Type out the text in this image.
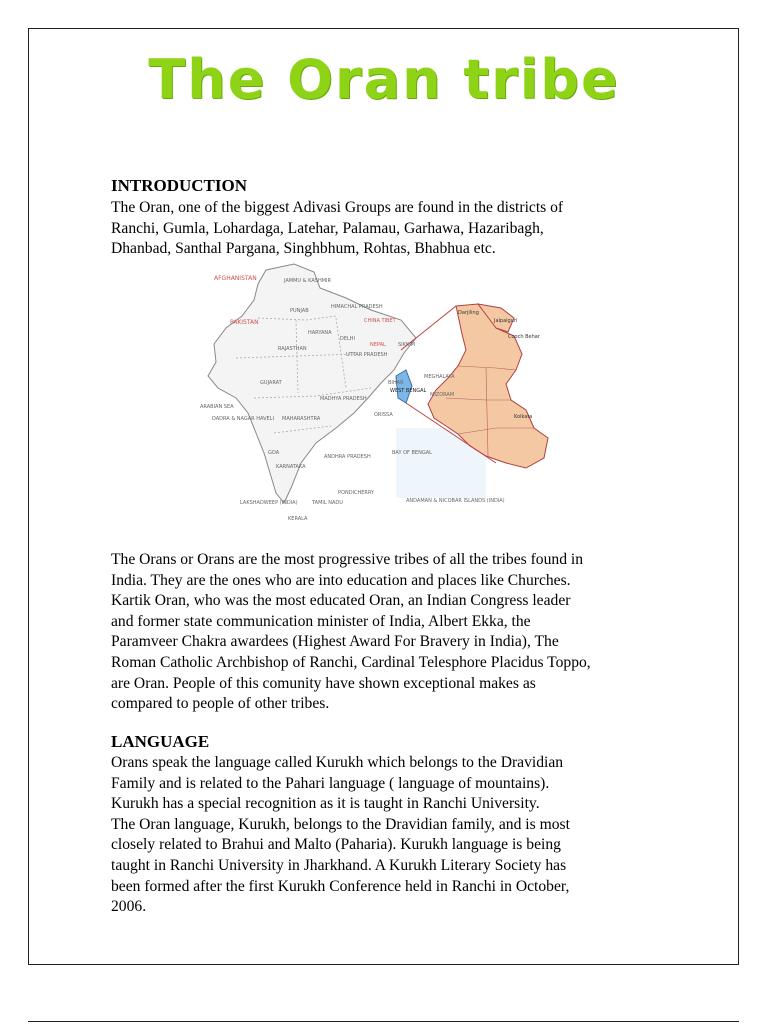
The Oran tribe
INTRODUCTION
The Oran, one of the biggest Adivasi Groups are found in the districts of
Ranchi, Gumla, Lohardaga, Latehar, Palamau, Garhawa, Hazaribagh,
Dhanbad, Santhal Pargana, Singhbhum, Rohtas, Bhabhua etc.
AFGHANISTAN	JAMMU & KASHMIR
PAKISTAN
PUNJAB
HIMACHAL PRADESH
CHINA TIBET
HARYANA
DELHI
RAJASTHAN
UTTAR PRADESH
NEPAL SIKKIM
BIHAR
GUJARAT
MADHYA PRADESH
WEST BENGAL
MEGHALAYA
MIZORAM
ARABIAN SEA
DADRA & NAGAR HAVELI MAHARASHTRA
ORISSA
GOA
ANDHRA PRADESH
KARNATAKA
BAY OF BENGAL
TAMIL NADU
PONDICHERRY
LAKSHADWEEP (INDIA)
KERALA
ANDAMAN & NICOBAR ISLANDS (INDIA)
Darjiling
Jalpaiguri
Cooch Behar
Kolkata
The Orans or Orans are the most progressive tribes of all the tribes found in
India. They are the ones who are into education and places like Churches.
Kartik Oran, who was the most educated Oran, an Indian Congress leader
and former state communication minister of India, Albert Ekka, the
Paramveer Chakra awardees (Highest Award For Bravery in India), The
Roman Catholic Archbishop of Ranchi, Cardinal Telesphore Placidus Toppo,
are Oran. People of this comunity have shown exceptional makes as
compared to people of other tribes.
LANGUAGE
Orans speak the language called Kurukh which belongs to the Dravidian
Family and is related to the Pahari language ( language of mountains).
Kurukh has a special recognition as it is taught in Ranchi University.
The Oran language, Kurukh, belongs to the Dravidian family, and is most
closely related to Brahui and Malto (Paharia). Kurukh language is being
taught in Ranchi University in Jharkhand. A Kurukh Literary Society has
been formed after the first Kurukh Conference held in Ranchi in October,
2006.
